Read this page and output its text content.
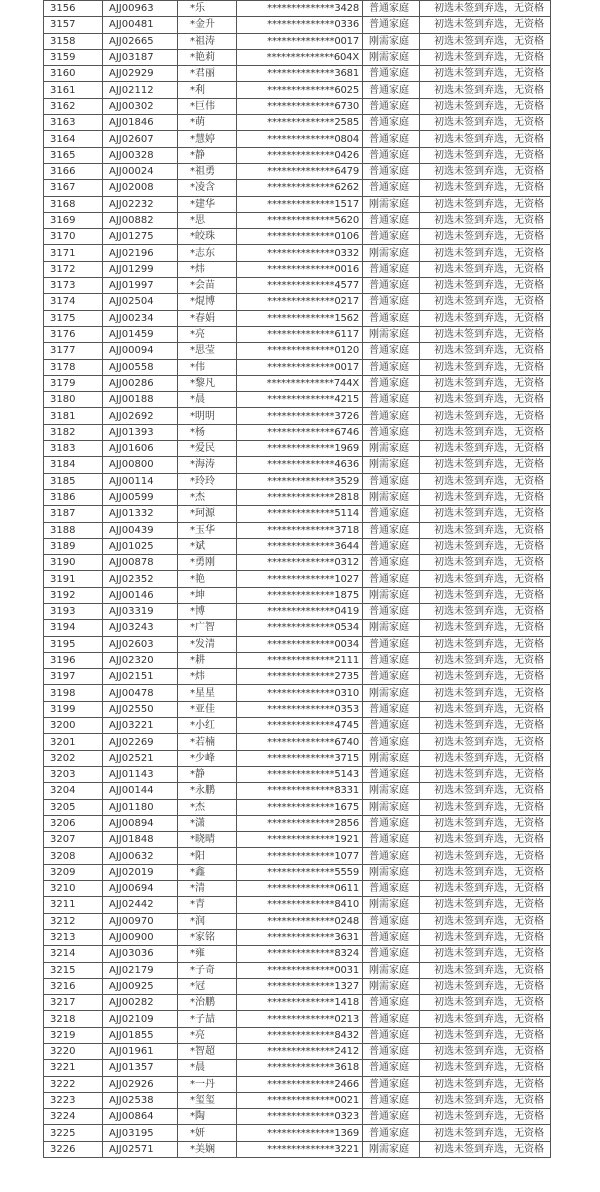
3156	AJJ00963	*乐	**************3428	普通家庭	初选未签到弃选，无资格
3157	AJJ00481	*金升	**************0336	普通家庭	初选未签到弃选，无资格
3158	AJJ02665	*祖涛	**************0017	刚需家庭	初选未签到弃选，无资格
3159	AJJ03187	*艳莉	**************604X	刚需家庭	初选未签到弃选，无资格
3160	AJJ02929	*君丽	**************3681	普通家庭	初选未签到弃选，无资格
3161	AJJ02112	*利	**************6025	普通家庭	初选未签到弃选，无资格
3162	AJJ00302	*巨伟	**************6730	普通家庭	初选未签到弃选，无资格
3163	AJJ01846	*萌	**************2585	普通家庭	初选未签到弃选，无资格
3164	AJJ02607	*慧婷	**************0804	普通家庭	初选未签到弃选，无资格
3165	AJJ00328	*静	**************0426	普通家庭	初选未签到弃选，无资格
3166	AJJ00024	*祖勇	**************6479	普通家庭	初选未签到弃选，无资格
3167	AJJ02008	*凌含	**************6262	普通家庭	初选未签到弃选，无资格
3168	AJJ02232	*建华	**************1517	刚需家庭	初选未签到弃选，无资格
3169	AJJ00882	*思	**************5620	普通家庭	初选未签到弃选，无资格
3170	AJJ01275	*皎珠	**************0106	普通家庭	初选未签到弃选，无资格
3171	AJJ02196	*志东	**************0332	刚需家庭	初选未签到弃选，无资格
3172	AJJ01299	*炜	**************0016	普通家庭	初选未签到弃选，无资格
3173	AJJ01997	*会苗	**************4577	普通家庭	初选未签到弃选，无资格
3174	AJJ02504	*焜博	**************0217	普通家庭	初选未签到弃选，无资格
3175	AJJ00234	*春娟	**************1562	普通家庭	初选未签到弃选，无资格
3176	AJJ01459	*亮	**************6117	刚需家庭	初选未签到弃选，无资格
3177	AJJ00094	*思莹	**************0120	普通家庭	初选未签到弃选，无资格
3178	AJJ00558	*伟	**************0017	普通家庭	初选未签到弃选，无资格
3179	AJJ00286	*黎凡	**************744X	普通家庭	初选未签到弃选，无资格
3180	AJJ00188	*晨	**************4215	普通家庭	初选未签到弃选，无资格
3181	AJJ02692	*明明	**************3726	普通家庭	初选未签到弃选，无资格
3182	AJJ01393	*杨	**************6746	普通家庭	初选未签到弃选，无资格
3183	AJJ01606	*爱民	**************1969	刚需家庭	初选未签到弃选，无资格
3184	AJJ00800	*海涛	**************4636	刚需家庭	初选未签到弃选，无资格
3185	AJJ00114	*玲玲	**************3529	普通家庭	初选未签到弃选，无资格
3186	AJJ00599	*杰	**************2818	刚需家庭	初选未签到弃选，无资格
3187	AJJ01332	*珂源	**************5114	普通家庭	初选未签到弃选，无资格
3188	AJJ00439	*玉华	**************3718	普通家庭	初选未签到弃选，无资格
3189	AJJ01025	*斌	**************3644	普通家庭	初选未签到弃选，无资格
3190	AJJ00878	*勇刚	**************0312	普通家庭	初选未签到弃选，无资格
3191	AJJ02352	*艳	**************1027	普通家庭	初选未签到弃选，无资格
3192	AJJ00146	*坤	**************1875	刚需家庭	初选未签到弃选，无资格
3193	AJJ03319	*博	**************0419	普通家庭	初选未签到弃选，无资格
3194	AJJ03243	*广智	**************0534	刚需家庭	初选未签到弃选，无资格
3195	AJJ02603	*发清	**************0034	普通家庭	初选未签到弃选，无资格
3196	AJJ02320	*耕	**************2111	普通家庭	初选未签到弃选，无资格
3197	AJJ02151	*炜	**************2735	普通家庭	初选未签到弃选，无资格
3198	AJJ00478	*星星	**************0310	刚需家庭	初选未签到弃选，无资格
3199	AJJ02550	*亚佳	**************0353	普通家庭	初选未签到弃选，无资格
3200	AJJ03221	*小红	**************4745	普通家庭	初选未签到弃选，无资格
3201	AJJ02269	*若楠	**************6740	普通家庭	初选未签到弃选，无资格
3202	AJJ02521	*少峰	**************3715	刚需家庭	初选未签到弃选，无资格
3203	AJJ01143	*静	**************5143	普通家庭	初选未签到弃选，无资格
3204	AJJ00144	*永鹏	**************8331	刚需家庭	初选未签到弃选，无资格
3205	AJJ01180	*杰	**************1675	刚需家庭	初选未签到弃选，无资格
3206	AJJ00894	*潇	**************2856	普通家庭	初选未签到弃选，无资格
3207	AJJ01848	*晓晴	**************1921	普通家庭	初选未签到弃选，无资格
3208	AJJ00632	*阳	**************1077	普通家庭	初选未签到弃选，无资格
3209	AJJ02019	*鑫	**************5559	刚需家庭	初选未签到弃选，无资格
3210	AJJ00694	*清	**************0611	普通家庭	初选未签到弃选，无资格
3211	AJJ02442	*青	**************8410	刚需家庭	初选未签到弃选，无资格
3212	AJJ00970	*润	**************0248	普通家庭	初选未签到弃选，无资格
3213	AJJ00900	*家铭	**************3631	普通家庭	初选未签到弃选，无资格
3214	AJJ03036	*雍	**************8324	普通家庭	初选未签到弃选，无资格
3215	AJJ02179	*子奇	**************0031	刚需家庭	初选未签到弃选，无资格
3216	AJJ00925	*冠	**************1327	刚需家庭	初选未签到弃选，无资格
3217	AJJ00282	*治鹏	**************1418	普通家庭	初选未签到弃选，无资格
3218	AJJ02109	*子喆	**************0213	普通家庭	初选未签到弃选，无资格
3219	AJJ01855	*亮	**************8432	普通家庭	初选未签到弃选，无资格
3220	AJJ01961	*智超	**************2412	普通家庭	初选未签到弃选，无资格
3221	AJJ01357	*晨	**************3618	普通家庭	初选未签到弃选，无资格
3222	AJJ02926	*一丹	**************2466	普通家庭	初选未签到弃选，无资格
3223	AJJ02538	*玺玺	**************0021	普通家庭	初选未签到弃选，无资格
3224	AJJ00864	*陶	**************0323	普通家庭	初选未签到弃选，无资格
3225	AJJ03195	*妍	**************1369	普通家庭	初选未签到弃选，无资格
3226	AJJ02571	*美娴	**************3221	刚需家庭	初选未签到弃选，无资格
